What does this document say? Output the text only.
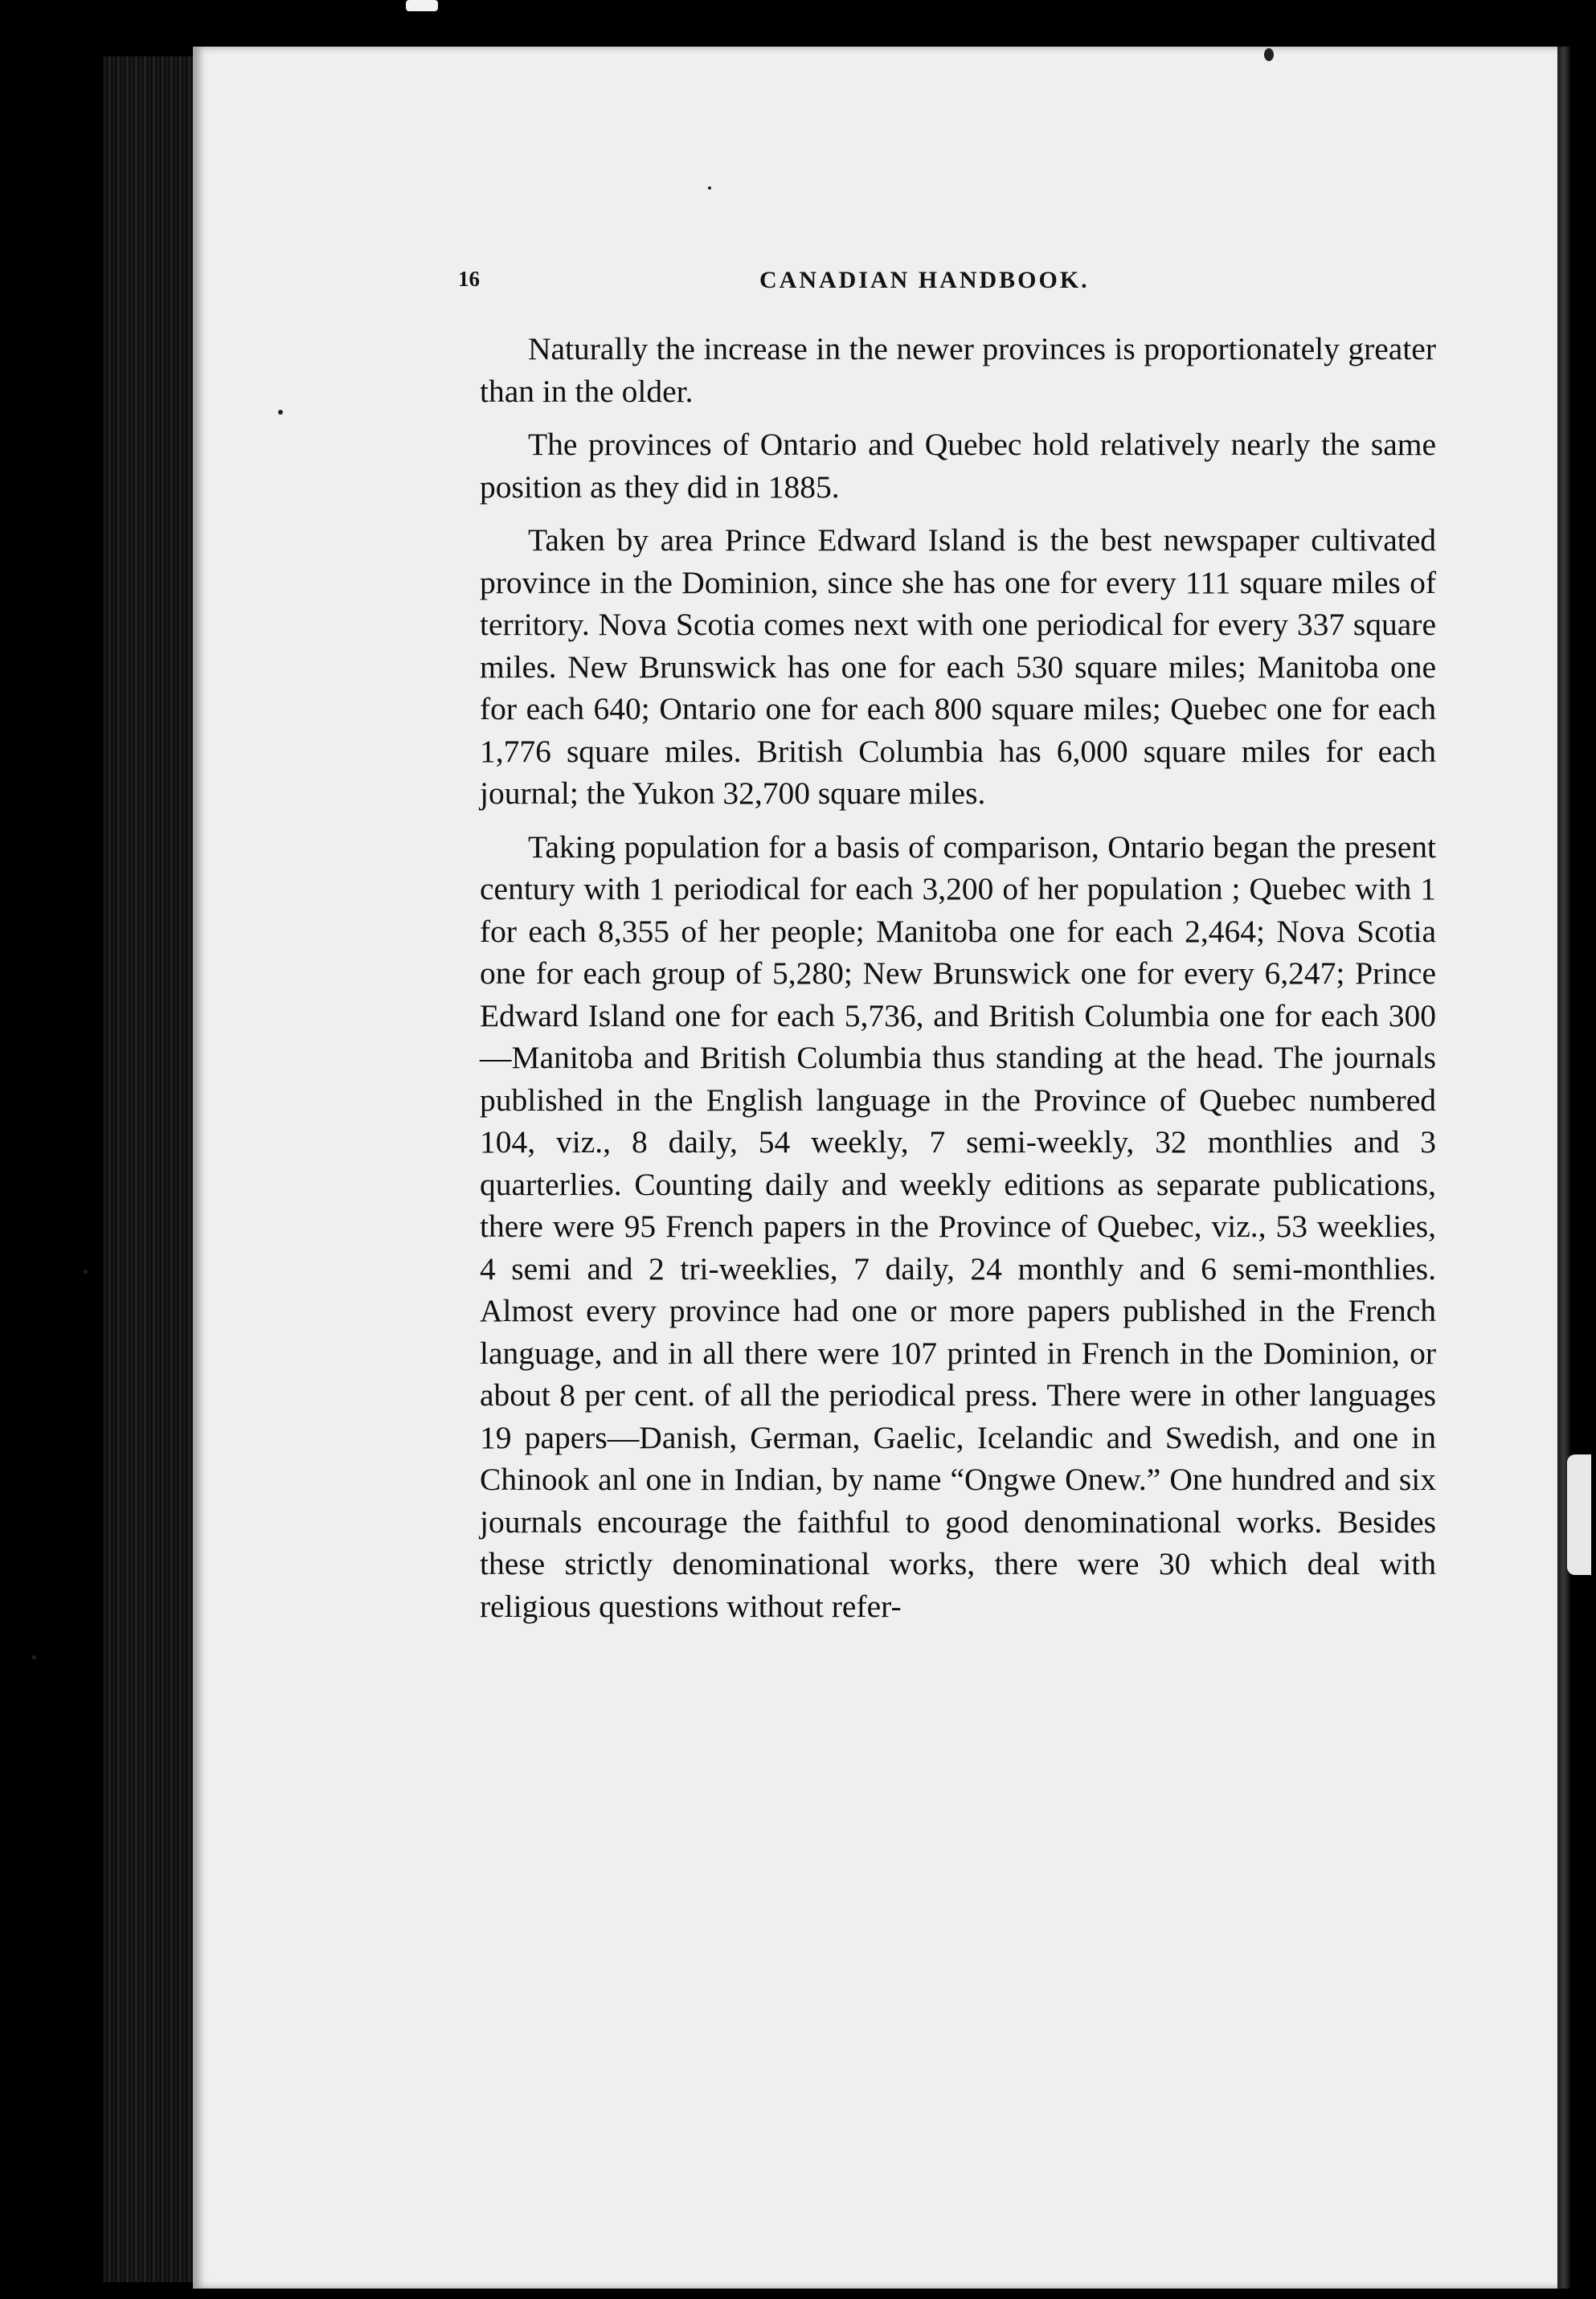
16	CANADIAN HANDBOOK.

Naturally the increase in the newer provinces is proportionately greater than in the older.

The provinces of Ontario and Quebec hold relatively nearly the same position as they did in 1885.

Taken by area Prince Edward Island is the best newspaper cultivated province in the Dominion, since she has one for every 111 square miles of territory. Nova Scotia comes next with one periodical for every 337 square miles. New Brunswick has one for each 530 square miles; Manitoba one for each 640; Ontario one for each 800 square miles; Quebec one for each 1,776 square miles. British Columbia has 6,000 square miles for each journal; the Yukon 32,700 square miles.

Taking population for a basis of comparison, Ontario began the present century with 1 periodical for each 3,200 of her population ; Quebec with 1 for each 8,355 of her people; Manitoba one for each 2,464; Nova Scotia one for each group of 5,280; New Brunswick one for every 6,247; Prince Edward Island one for each 5,736, and British Columbia one for each 300—Manitoba and British Columbia thus standing at the head. The journals published in the English language in the Province of Quebec numbered 104, viz., 8 daily, 54 weekly, 7 semi-weekly, 32 monthlies and 3 quarterlies. Counting daily and weekly editions as separate publications, there were 95 French papers in the Province of Quebec, viz., 53 weeklies, 4 semi and 2 tri-weeklies, 7 daily, 24 monthly and 6 semi-monthlies. Almost every province had one or more papers published in the French language, and in all there were 107 printed in French in the Dominion, or about 8 per cent. of all the periodical press. There were in other languages 19 papers—Danish, German, Gaelic, Icelandic and Swedish, and one in Chinook anl one in Indian, by name “Ongwe Onew.” One hundred and six journals encourage the faithful to good denominational works. Besides these strictly denominational works, there were 30 which deal with religious questions without refer-
